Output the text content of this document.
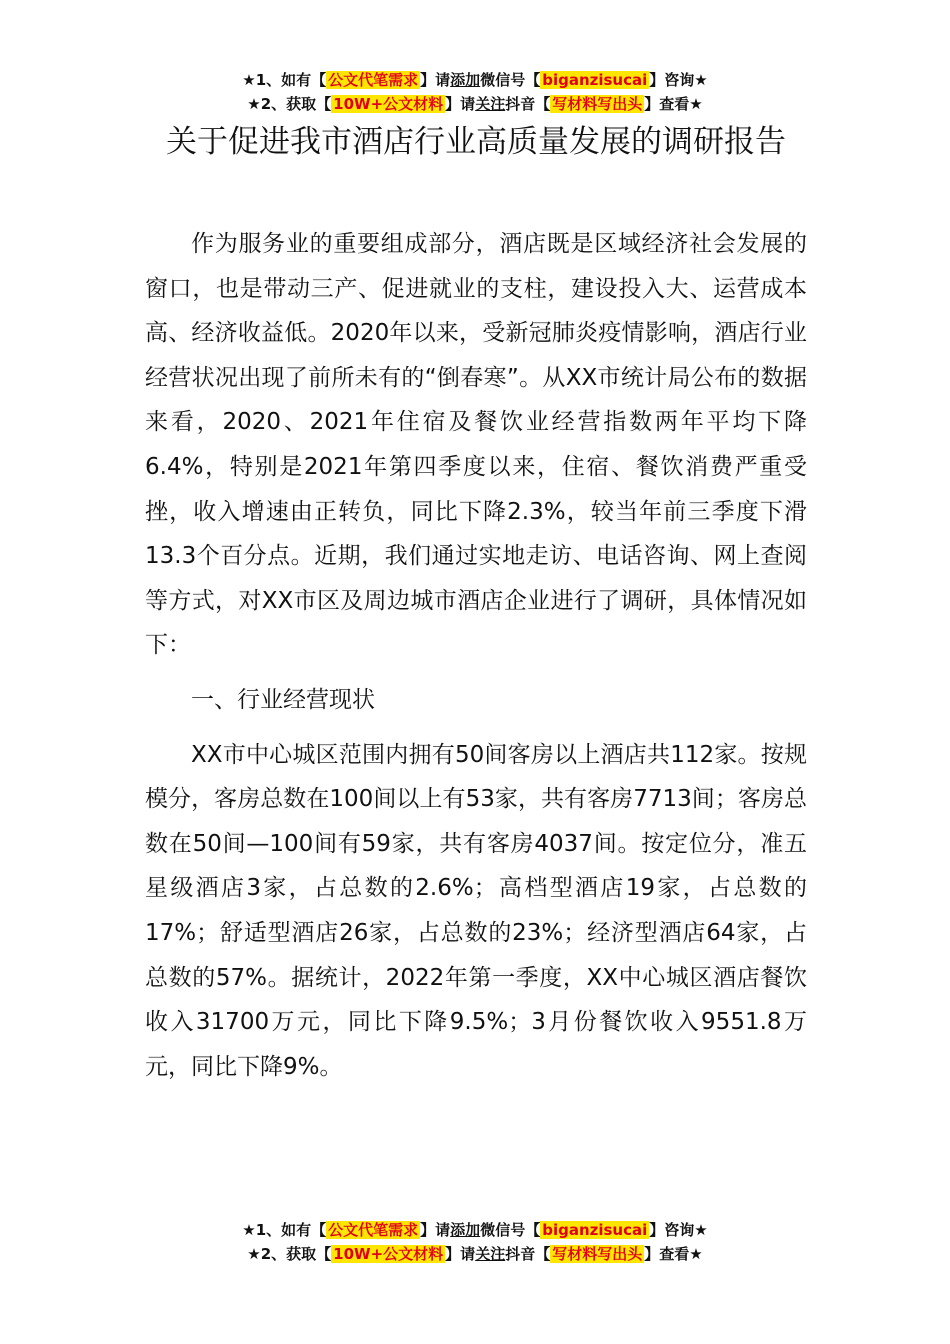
★1、如有【 公文代笔需求 】请添加微信号【 biganzisucai 】咨询★
★2、获取【 10W+公文材料 】请关注抖音【 写材料写出头 】查看★
关于促进我市酒店行业高质量发展的调研报告

作为服务业的重要组成部分，酒店既是区域经济社会发展的窗口，也是带动三产、促进就业的支柱，建设投入大、运营成本高、经济收益低。2020年以来，受新冠肺炎疫情影响，酒店行业经营状况出现了前所未有的“倒春寒”。从XX市统计局公布的数据来看，2020、2021年住宿及餐饮业经营指数两年平均下降6.4%，特别是2021年第四季度以来，住宿、餐饮消费严重受挫，收入增速由正转负，同比下降2.3%，较当年前三季度下滑13.3个百分点。近期，我们通过实地走访、电话咨询、网上查阅等方式，对XX市区及周边城市酒店企业进行了调研，具体情况如下：

一、行业经营现状

XX市中心城区范围内拥有50间客房以上酒店共112家。按规模分，客房总数在100间以上有53家，共有客房7713间；客房总数在50间—100间有59家，共有客房4037间。按定位分，准五星级酒店3家，占总数的2.6%；高档型酒店19家，占总数的17%；舒适型酒店26家，占总数的23%；经济型酒店64家，占总数的57%。据统计，2022年第一季度，XX中心城区酒店餐饮收入31700万元，同比下降9.5%；3月份餐饮收入9551.8万元，同比下降9%。

★1、如有【 公文代笔需求 】请添加微信号【 biganzisucai 】咨询★
★2、获取【 10W+公文材料 】请关注抖音【 写材料写出头 】查看★
